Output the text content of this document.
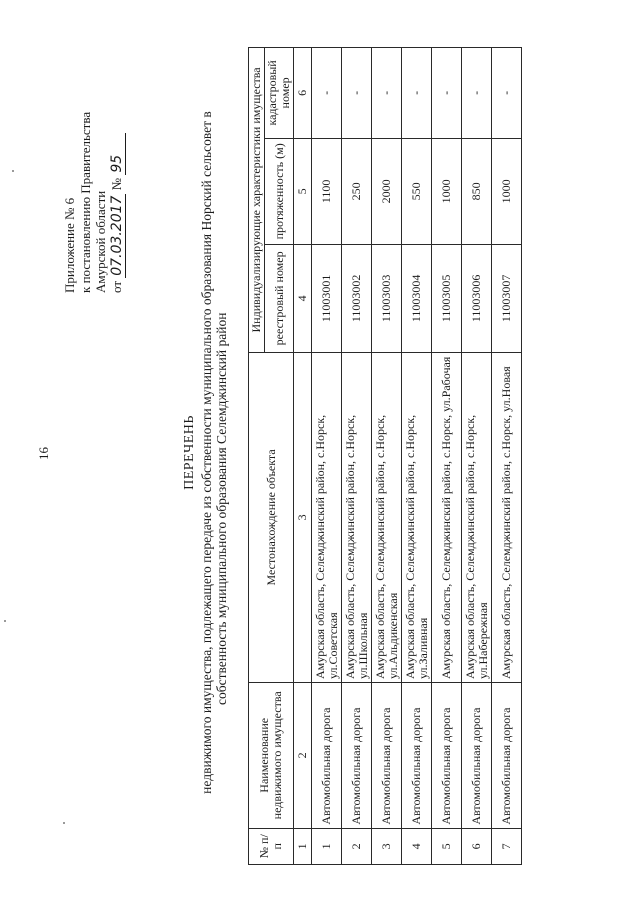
16
Приложение № 6 к постановлению Правительства Амурской области от 07.03.2017 № 95
ПЕРЕЧЕНЬ недвижимого имущества, подлежащего передаче из собственности муниципального образования Норский сельсовет в собственность муниципального образования Селемджинский район
№ п/п	Наименование недвижимого имущества	Местонахождение объекта	Индивидуализирующие характеристики имущества		
			реестровый номер	протяженность (м)	кадастровый номер
1	2	3	4	5	6
1	Автомобильная дорога	Амурская область, Селемджинский район, с.Норск, ул.Советская	11003001	1100	-
2	Автомобильная дорога	Амурская область, Селемджинский район, с.Норск, ул.Школьная	11003002	250	-
3	Автомобильная дорога	Амурская область, Селемджинский район, с.Норск, ул.Альдикенская	11003003	2000	-
4	Автомобильная дорога	Амурская область, Селемджинский район, с.Норск, ул.Заливная	11003004	550	-
5	Автомобильная дорога	Амурская область, Селемджинский район, с.Норск, ул.Рабочая	11003005	1000	-
6	Автомобильная дорога	Амурская область, Селемджинский район, с.Норск, ул.Набережная	11003006	850	-
7	Автомобильная дорога	Амурская область, Селемджинский район, с.Норск, ул.Новая	11003007	1000	-
